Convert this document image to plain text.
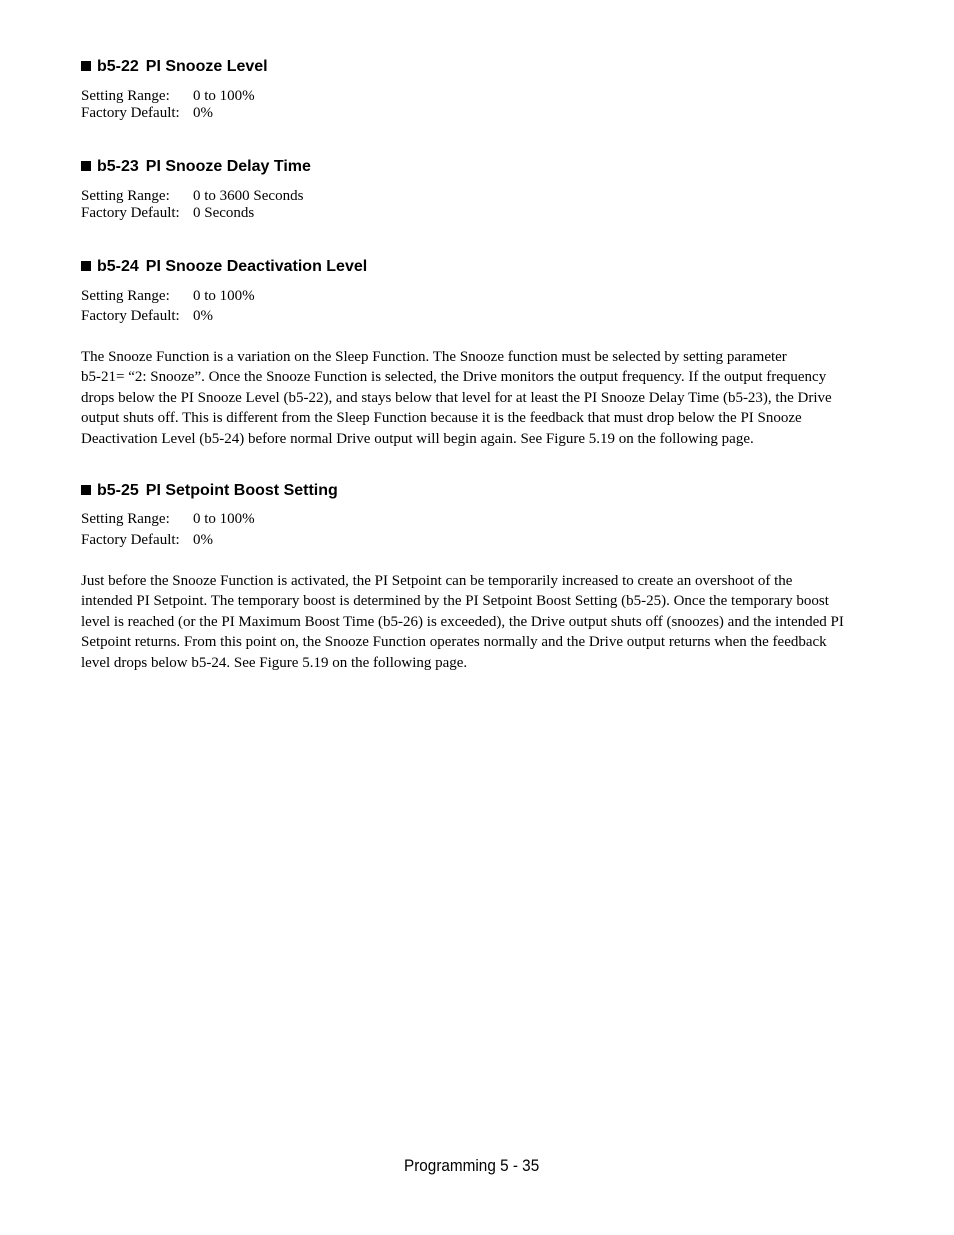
b5-22 PI Snooze Level
Setting Range: 0 to 100%
Factory Default: 0%
b5-23 PI Snooze Delay Time
Setting Range: 0 to 3600 Seconds
Factory Default: 0 Seconds
b5-24 PI Snooze Deactivation Level
Setting Range: 0 to 100%
Factory Default: 0%
The Snooze Function is a variation on the Sleep Function. The Snooze function must be selected by setting parameter
b5-21= “2: Snooze”. Once the Snooze Function is selected, the Drive monitors the output frequency. If the output frequency
drops below the PI Snooze Level (b5-22), and stays below that level for at least the PI Snooze Delay Time (b5-23), the Drive
output shuts off. This is different from the Sleep Function because it is the feedback that must drop below the PI Snooze
Deactivation Level (b5-24) before normal Drive output will begin again. See Figure 5.19 on the following page.
b5-25 PI Setpoint Boost Setting
Setting Range: 0 to 100%
Factory Default: 0%
Just before the Snooze Function is activated, the PI Setpoint can be temporarily increased to create an overshoot of the
intended PI Setpoint. The temporary boost is determined by the PI Setpoint Boost Setting (b5-25). Once the temporary boost
level is reached (or the PI Maximum Boost Time (b5-26) is exceeded), the Drive output shuts off (snoozes) and the intended PI
Setpoint returns. From this point on, the Snooze Function operates normally and the Drive output returns when the feedback
level drops below b5-24. See Figure 5.19 on the following page.
Programming 5 - 35
